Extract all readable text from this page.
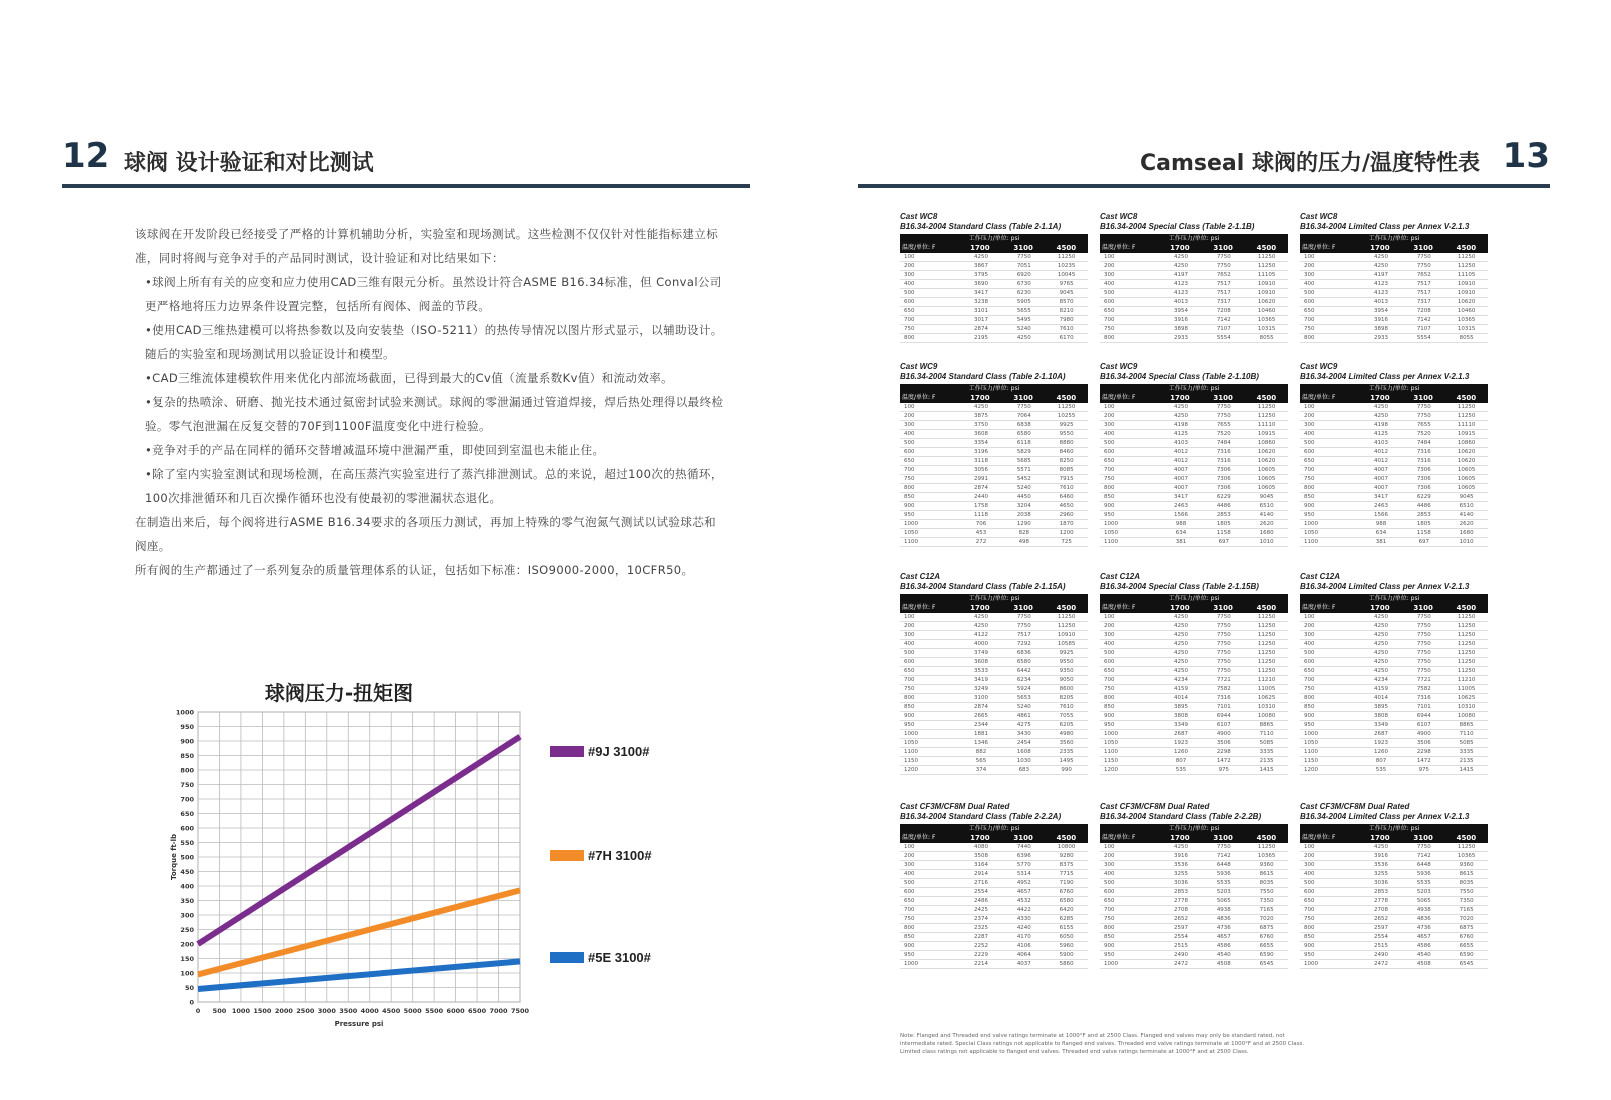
12 球阀 设计验证和对比测试	Camseal 球阀的压力/温度特性表 13

该球阀在开发阶段已经接受了严格的计算机辅助分析，实验室和现场测试。这些检测不仅仅针对性能指标建立标准，同时将阀与竞争对手的产品同时测试，设计验证和对比结果如下：

•球阀上所有有关的应变和应力使用CAD三维有限元分析。虽然设计符合ASME B16.34标准，但 Conval公司更严格地将压力边界条件设置完整，包括所有阀体、阀盖的节段。

•使用CAD三维热建模可以将热参数以及向安装垫（ISO-5211）的热传导情况以图片形式显示，以辅助设计。随后的实验室和现场测试用以验证设计和模型。

•CAD三维流体建模软件用来优化内部流场截面，已得到最大的Cv值（流量系数Kv值）和流动效率。

•复杂的热喷涂、研磨、抛光技术通过氦密封试验来测试。球阀的零泄漏通过管道焊接，焊后热处理得以最终检验。零气泡泄漏在反复交替的70F到1100F温度变化中进行检验。

•竞争对手的产品在同样的循环交替增减温环境中泄漏严重，即使回到室温也未能止住。

•除了室内实验室测试和现场检测，在高压蒸汽实验室进行了蒸汽排泄测试。总的来说，超过100次的热循环，100次排泄循环和几百次操作循环也没有使最初的零泄漏状态退化。

在制造出来后，每个阀将进行ASME B16.34要求的各项压力测试，再加上特殊的零气泡氮气测试以试验球芯和阀座。

所有阀的生产都通过了一系列复杂的质量管理体系的认证，包括如下标准：ISO9000-2000，10CFR50。

球阀压力-扭矩图
0
50
100
150
200
250
300
350
400
450
500
550
600
650
700
750
800
850
900
950
1000
0 500 1000 1500 2000 2500 3000 3500 4000 4500 5000 5500 6000 6500 7000 7500
Pressure psi
Torque ft-lb
#9J 3100#
#7H 3100#
#5E 3100#
Cast WC8
B16.34-2004 Standard Class (Table 2-1.1A)
工作压力/单位: psi
温度/单位: F	1700	3100	4500
100	4250	7750	11250
200	3867	7051	10235
300	3795	6920	10045
400	3690	6730	9765
500	3417	6230	9045
600	3238	5905	8570
650	3101	5655	8210
700	3017	5495	7980
750	2874	5240	7610
800	2195	4250	6170
Cast WC8
B16.34-2004 Special Class (Table 2-1.1B)
工作压力/单位: psi
温度/单位: F	1700	3100	4500
100	4250	7750	11250
200	4250	7750	11250
300	4197	7652	11105
400	4123	7517	10910
500	4123	7517	10910
600	4013	7317	10620
650	3954	7208	10460
700	3916	7142	10365
750	3898	7107	10315
800	2933	5554	8055
Cast WC8
B16.34-2004 Limited Class per Annex V-2.1.3
工作压力/单位: psi
温度/单位: F	1700	3100	4500
100	4250	7750	11250
200	4250	7750	11250
300	4197	7652	11105
400	4123	7517	10910
500	4123	7517	10910
600	4013	7317	10620
650	3954	7208	10460
700	3916	7142	10365
750	3898	7107	10315
800	2933	5554	8055
Cast WC9
B16.34-2004 Standard Class (Table 2-1.10A)
工作压力/单位: psi
温度/单位: F	1700	3100	4500
100	4250	7750	11250
200	3875	7064	10255
300	3750	6838	9925
400	3608	6580	9550
500	3354	6118	8880
600	3196	5829	8460
650	3118	5685	8250
700	3056	5571	8085
750	2991	5452	7915
800	2874	5240	7610
850	2440	4450	6460
900	1758	3204	4650
950	1118	2038	2960
1000	706	1290	1870
1050	453	828	1200
1100	272	498	725
Cast WC9
B16.34-2004 Special Class (Table 2-1.10B)
工作压力/单位: psi
温度/单位: F	1700	3100	4500
100	4250	7750	11250
200	4250	7750	11250
300	4198	7655	11110
400	4125	7520	10915
500	4103	7484	10860
600	4012	7316	10620
650	4012	7316	10620
700	4007	7306	10605
750	4007	7306	10605
800	4007	7306	10605
850	3417	6229	9045
900	2463	4486	6510
950	1566	2853	4140
1000	988	1805	2620
1050	634	1158	1680
1100	381	697	1010
Cast WC9
B16.34-2004 Limited Class per Annex V-2.1.3
工作压力/单位: psi
温度/单位: F	1700	3100	4500
100	4250	7750	11250
200	4250	7750	11250
300	4198	7655	11110
400	4125	7520	10915
500	4103	7484	10860
600	4012	7316	10620
650	4012	7316	10620
700	4007	7306	10605
750	4007	7306	10605
800	4007	7306	10605
850	3417	6229	9045
900	2463	4486	6510
950	1566	2853	4140
1000	988	1805	2620
1050	634	1158	1680
1100	381	697	1010
Cast C12A
B16.34-2004 Standard Class (Table 2-1.15A)
工作压力/单位: psi
温度/单位: F	1700	3100	4500
100	4250	7750	11250
200	4250	7750	11250
300	4122	7517	10910
400	4000	7292	10585
500	3749	6836	9925
600	3608	6580	9550
650	3533	6442	9350
700	3419	6234	9050
750	3249	5924	8600
800	3100	5653	8205
850	2874	5240	7610
900	2665	4861	7055
950	2344	4275	6205
1000	1881	3430	4980
1050	1346	2454	3560
1100	882	1608	2335
1150	565	1030	1495
1200	374	683	990
Cast C12A
B16.34-2004 Special Class (Table 2-1.15B)
工作压力/单位: psi
温度/单位: F	1700	3100	4500
100	4250	7750	11250
200	4250	7750	11250
300	4250	7750	11250
400	4250	7750	11250
500	4250	7750	11250
600	4250	7750	11250
650	4250	7750	11250
700	4234	7721	11210
750	4159	7582	11005
800	4014	7316	10625
850	3895	7101	10310
900	3808	6944	10080
950	3349	6107	8865
1000	2687	4900	7110
1050	1923	3506	5085
1100	1260	2298	3335
1150	807	1472	2135
1200	535	975	1415
Cast C12A
B16.34-2004 Limited Class per Annex V-2.1.3
工作压力/单位: psi
温度/单位: F	1700	3100	4500
100	4250	7750	11250
200	4250	7750	11250
300	4250	7750	11250
400	4250	7750	11250
500	4250	7750	11250
600	4250	7750	11250
650	4250	7750	11250
700	4234	7721	11210
750	4159	7582	11005
800	4014	7316	10625
850	3895	7101	10310
900	3808	6944	10080
950	3349	6107	8865
1000	2687	4900	7110
1050	1923	3506	5085
1100	1260	2298	3335
1150	807	1472	2135
1200	535	975	1415
Cast CF3M/CF8M Dual Rated
B16.34-2004 Standard Class (Table 2-2.2A)
工作压力/单位: psi
温度/单位: F	1700	3100	4500
100	4080	7440	10800
200	3508	6396	9280
300	3164	5770	8375
400	2914	5314	7715
500	2716	4952	7190
600	2554	4657	6760
650	2486	4532	6580
700	2425	4422	6420
750	2374	4330	6285
800	2325	4240	6155
850	2287	4170	6050
900	2252	4106	5960
950	2229	4064	5900
1000	2214	4037	5860
Cast CF3M/CF8M Dual Rated
B16.34-2004 Standard Class (Table 2-2.2B)
工作压力/单位: psi
温度/单位: F	1700	3100	4500
100	4250	7750	11250
200	3916	7142	10365
300	3536	6448	9360
400	3255	5936	8615
500	3036	5535	8035
600	2853	5203	7550
650	2778	5065	7350
700	2708	4938	7165
750	2652	4836	7020
800	2597	4736	6875
850	2554	4657	6760
900	2515	4586	6655
950	2490	4540	6590
1000	2472	4508	6545
Cast CF3M/CF8M Dual Rated
B16.34-2004 Limited Class per Annex V-2.1.3
工作压力/单位: psi
温度/单位: F	1700	3100	4500
100	4250	7750	11250
200	3916	7142	10365
300	3536	6448	9360
400	3255	5936	8615
500	3036	5535	8035
600	2853	5203	7550
650	2778	5065	7350
700	2708	4938	7165
750	2652	4836	7020
800	2597	4736	6875
850	2554	4657	6760
900	2515	4586	6655
950	2490	4540	6590
1000	2472	4508	6545
Note: Flanged and Threaded end valve ratings terminate at 1000°F and at 2500 Class. Flanged end valves may only be standard rated, not intermediate rated. Special Class ratings not applicable to flanged end valves. Threaded end valve ratings terminate at 1000°F and at 2500 Class. Limited class ratings not applicable to flanged end valves. Threaded end valve ratings terminate at 1000°F and at 2500 Class.
